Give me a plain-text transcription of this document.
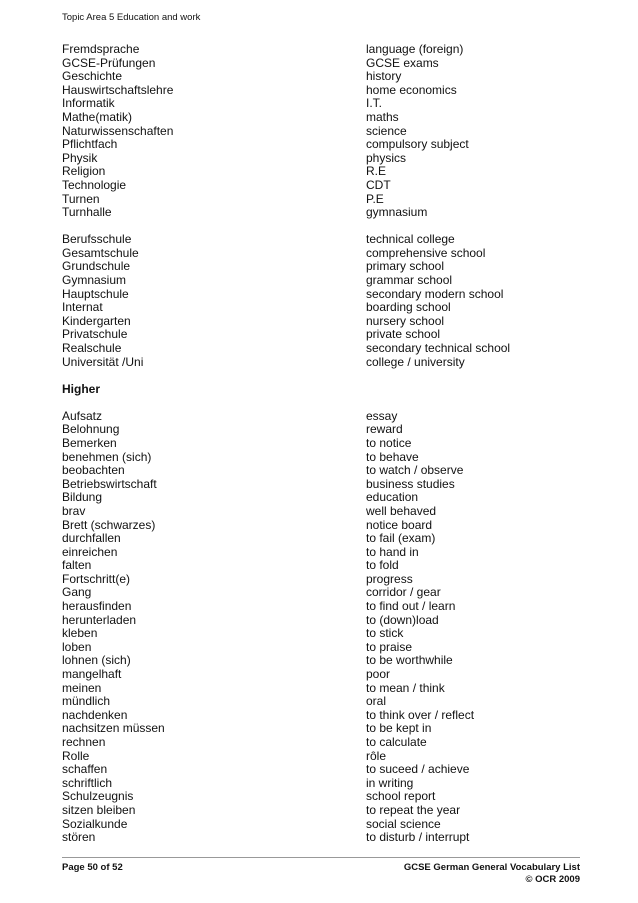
Topic Area 5 Education and work
Fremdsprache	language (foreign)
GCSE-Prüfungen	GCSE exams
Geschichte	history
Hauswirtschaftslehre	home economics
Informatik	I.T.
Mathe(matik)	maths
Naturwissenschaften	science
Pflichtfach	compulsory subject
Physik	physics
Religion	R.E
Technologie	CDT
Turnen	P.E
Turnhalle	gymnasium
Berufsschule	technical college
Gesamtschule	comprehensive school
Grundschule	primary school
Gymnasium	grammar school
Hauptschule	secondary modern school
Internat	boarding school
Kindergarten	nursery school
Privatschule	private school
Realschule	secondary technical school
Universität /Uni	college / university
Higher
Aufsatz	essay
Belohnung	reward
Bemerken	to notice
benehmen (sich)	to behave
beobachten	to watch / observe
Betriebswirtschaft	business studies
Bildung	education
brav	well behaved
Brett (schwarzes)	notice board
durchfallen	to fail (exam)
einreichen	to hand in
falten	to fold
Fortschritt(e)	progress
Gang	corridor / gear
herausfinden	to find out / learn
herunterladen	to (down)load
kleben	to stick
loben	to praise
lohnen (sich)	to be worthwhile
mangelhaft	poor
meinen	to mean / think
mündlich	oral
nachdenken	to think over / reflect
nachsitzen müssen	to be kept in
rechnen	to calculate
Rolle	rôle
schaffen	to suceed / achieve
schriftlich	in writing
Schulzeugnis	school report
sitzen bleiben	to repeat the year
Sozialkunde	social science
stören	to disturb / interrupt
Page 50 of 52	GCSE German General Vocabulary List
© OCR 2009
